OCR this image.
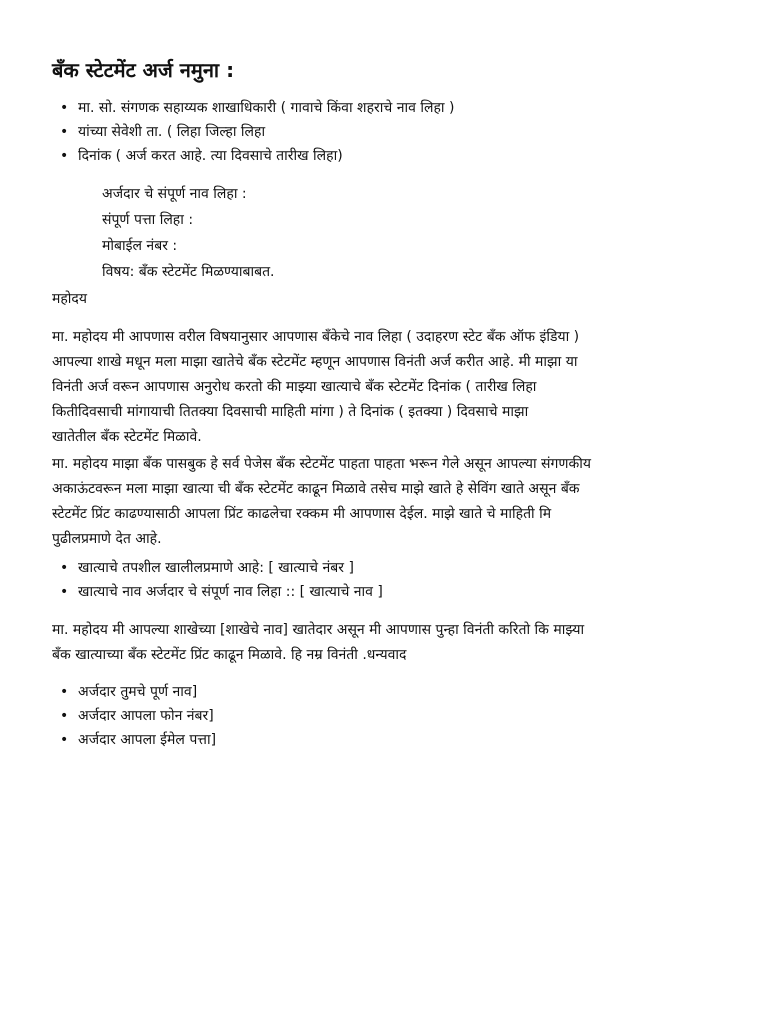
बँक स्टेटमेंट अर्ज नमुना :
• मा. सो. संगणक सहाय्यक शाखाधिकारी ( गावाचे किंवा शहराचे नाव लिहा )
• यांच्या सेवेशी ता. ( लिहा जिल्हा लिहा
• दिनांक ( अर्ज करत आहे. त्या दिवसाचे तारीख लिहा)
अर्जदार चे संपूर्ण नाव लिहा :
संपूर्ण पत्ता लिहा :
मोबाईल नंबर :
विषय: बँक स्टेटमेंट मिळण्याबाबत.
महोदय
मा. महोदय मी आपणास वरील विषयानुसार आपणास बँकेचे नाव लिहा ( उदाहरण स्टेट बँक ऑफ इंडिया )
आपल्या शाखे मधून मला माझा खातेचे बँक स्टेटमेंट म्हणून आपणास विनंती अर्ज करीत आहे. मी माझा या
विनंती अर्ज वरून आपणास अनुरोध करतो की माझ्या खात्याचे बँक स्टेटमेंट दिनांक ( तारीख लिहा
कितीदिवसाची मांगायाची तितक्या दिवसाची माहिती मांगा ) ते दिनांक ( इतक्या ) दिवसाचे माझा
खातेतील बँक स्टेटमेंट मिळावे.
मा. महोदय माझा बँक पासबुक हे सर्व पेजेस बँक स्टेटमेंट पाहता पाहता भरून गेले असून आपल्या संगणकीय
अकाऊंटवरून मला माझा खात्या ची बँक स्टेटमेंट काढून मिळावे तसेच माझे खाते हे सेविंग खाते असून बँक
स्टेटमेंट प्रिंट काढण्यासाठी आपला प्रिंट काढलेचा रक्कम मी आपणास देईल. माझे खाते चे माहिती मि
पुढीलप्रमाणे देत आहे.
• खात्याचे तपशील खालीलप्रमाणे आहे: [ खात्याचे नंबर ]
• खात्याचे नाव अर्जदार चे संपूर्ण नाव लिहा :: [ खात्याचे नाव ]
मा. महोदय मी आपल्या शाखेच्या [शाखेचे नाव] खातेदार असून मी आपणास पुन्हा विनंती करितो कि माझ्या
बँक खात्याच्या बँक स्टेटमेंट प्रिंट काढून मिळावे. हि नम्र विनंती .धन्यवाद
• अर्जदार तुमचे पूर्ण नाव]
• अर्जदार आपला फोन नंबर]
• अर्जदार आपला ईमेल पत्ता]
